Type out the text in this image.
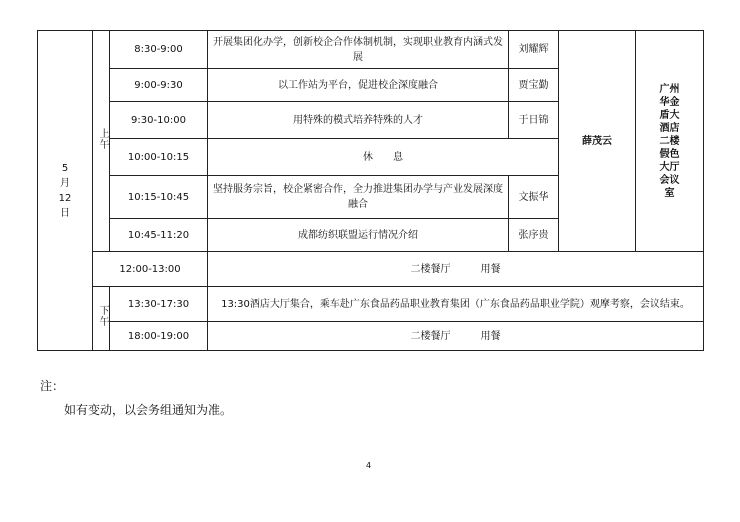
5
月
12
日	上午	8:30-9:00	开展集团化办学，创新校企合作体制机制，实现职业教育内涵式发展	刘耀辉	薛茂云	广州华金盾大酒店二楼假色大厅会议室
		9:00-9:30	以工作站为平台，促进校企深度融合	贾宝勤		
		9:30-10:00	用特殊的模式培养特殊的人才	于日锦		
		10:00-10:15	休　　息			
		10:15-10:45	坚持服务宗旨，校企紧密合作，全力推进集团办学与产业发展深度融合	文振华		
		10:45-11:20	成都纺织联盟运行情况介绍	张序贵		
	12:00-13:00		二楼餐厅　　　用餐			
	下午	13:30-17:30	13:30酒店大厅集合，乘车赴广东食品药品职业教育集团（广东食品药品职业学院）观摩考察，会议结束。			
		18:00-19:00	二楼餐厅　　　用餐			
注：
如有变动，以会务组通知为准。
4
